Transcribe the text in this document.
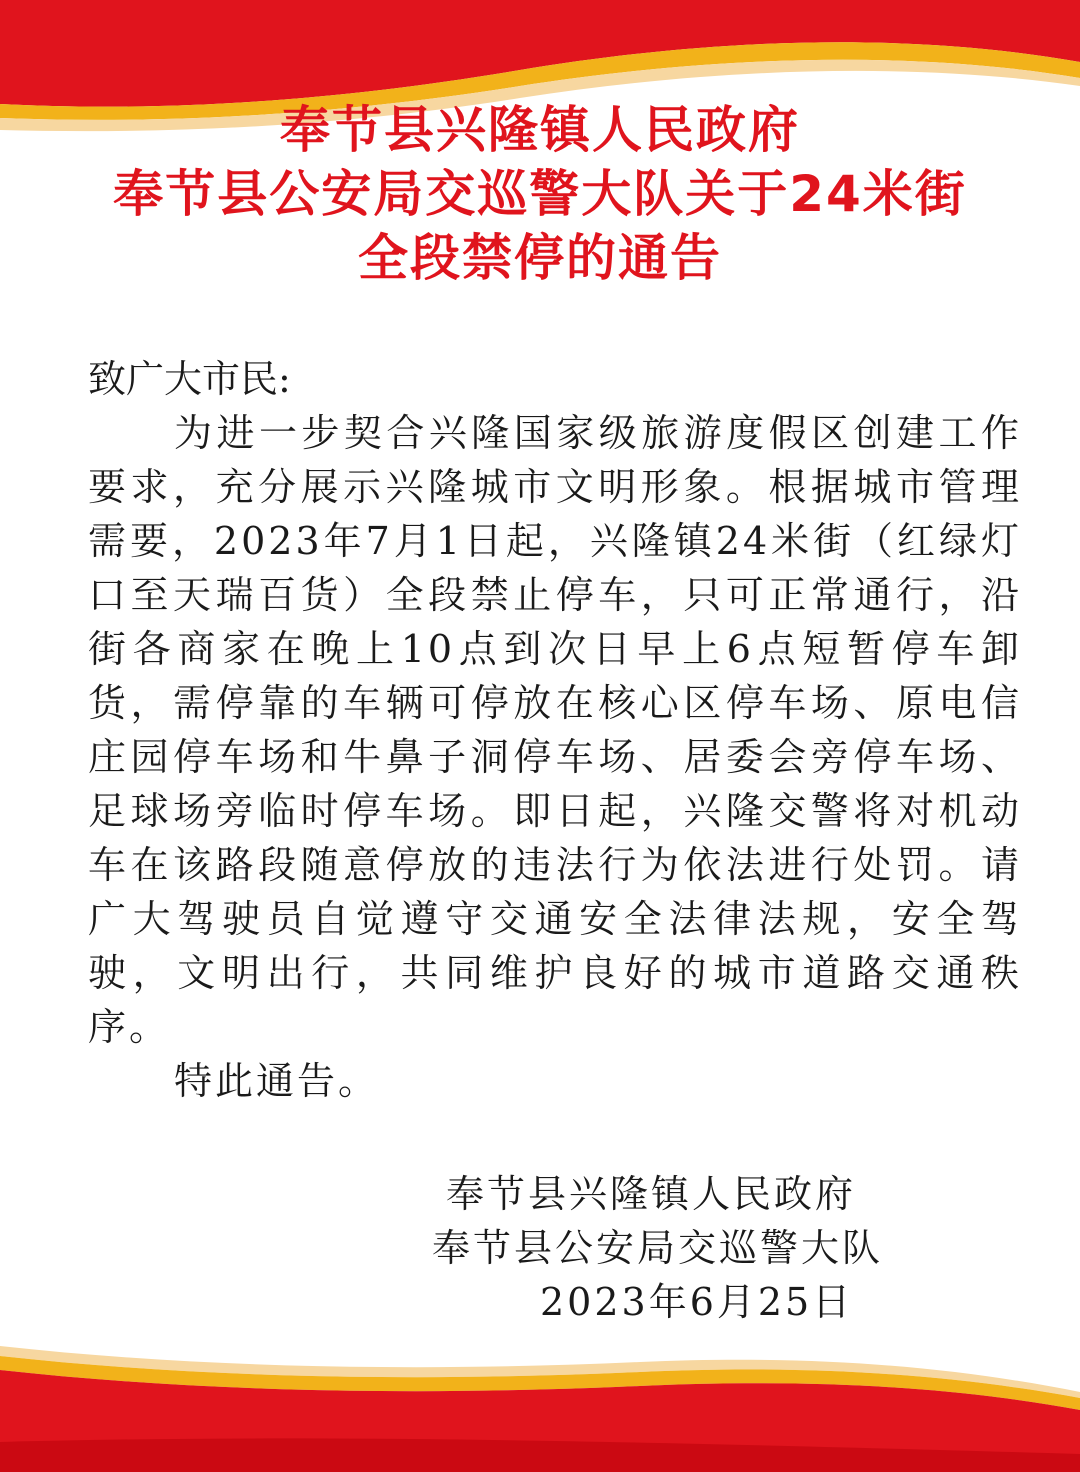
奉节县兴隆镇人民政府
奉节县公安局交巡警大队关于24米街
全段禁停的通告
致广大市民:
为进一步契合兴隆国家级旅游度假区创建工作要求，充分展示兴隆城市文明形象。根据城市管理需要，2023年7月1日起，兴隆镇24米街（红绿灯口至天瑞百货）全段禁止停车，只可正常通行，沿街各商家在晚上10点到次日早上6点短暂停车卸货，需停靠的车辆可停放在核心区停车场、原电信庄园停车场和牛鼻子洞停车场、居委会旁停车场、足球场旁临时停车场。即日起，兴隆交警将对机动车在该路段随意停放的违法行为依法进行处罚。请广大驾驶员自觉遵守交通安全法律法规，安全驾驶，文明出行，共同维护良好的城市道路交通秩序。
特此通告。
奉节县兴隆镇人民政府
奉节县公安局交巡警大队
2023年6月25日
